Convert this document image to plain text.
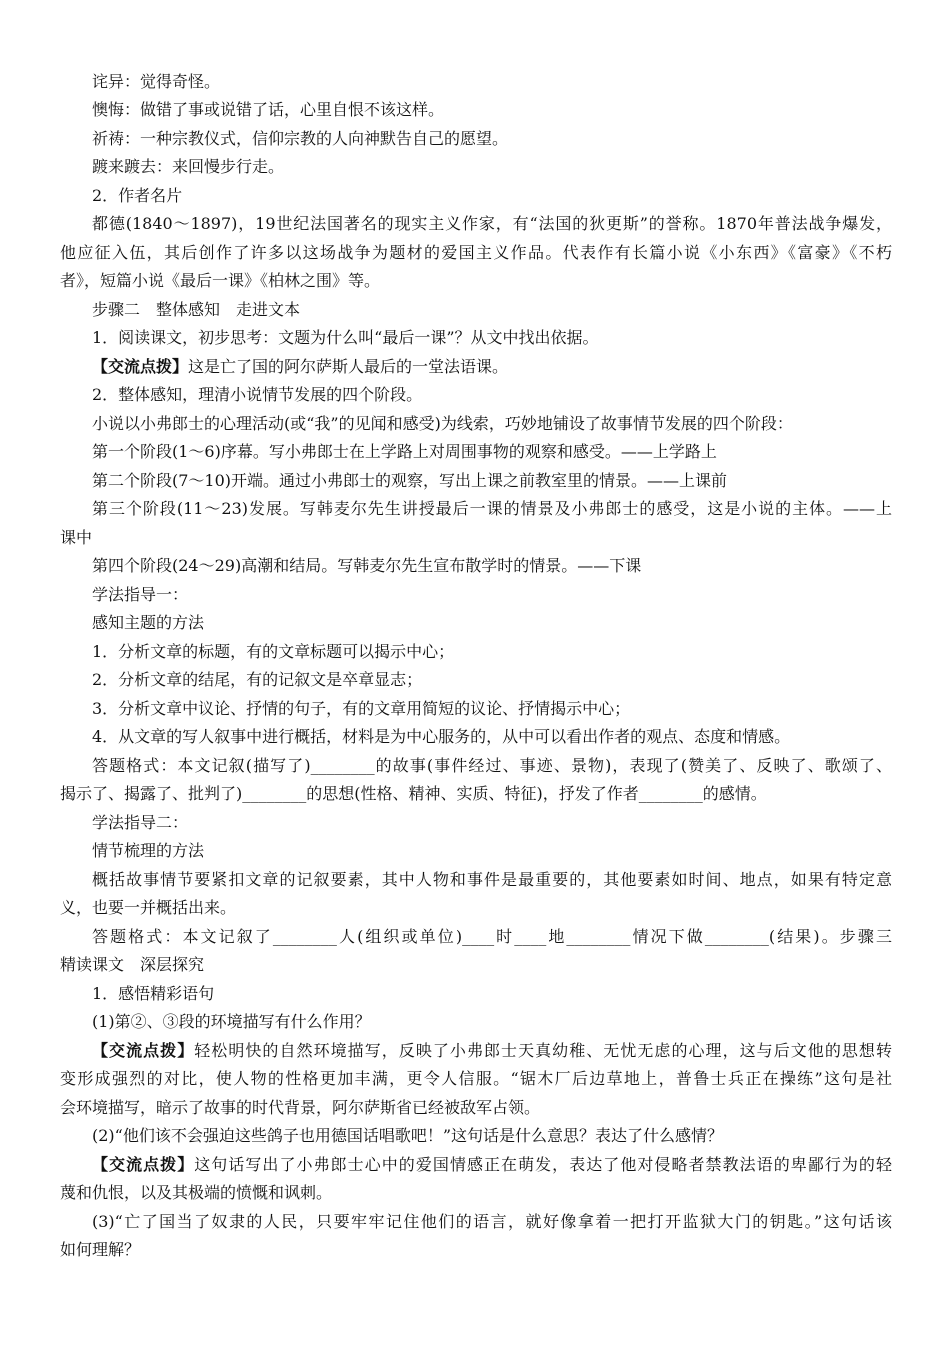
诧异：觉得奇怪。
懊悔：做错了事或说错了话，心里自恨不该这样。
祈祷：一种宗教仪式，信仰宗教的人向神默告自己的愿望。
踱来踱去：来回慢步行走。
2．作者名片
都德(1840～1897)，19世纪法国著名的现实主义作家，有“法国的狄更斯”的誉称。1870年普法战争爆发，
他应征入伍，其后创作了许多以这场战争为题材的爱国主义作品。代表作有长篇小说《小东西》《富豪》《不朽
者》，短篇小说《最后一课》《柏林之围》等。
步骤二　整体感知　走进文本
1．阅读课文，初步思考：文题为什么叫“最后一课”？从文中找出依据。
【交流点拨】这是亡了国的阿尔萨斯人最后的一堂法语课。
2．整体感知，理清小说情节发展的四个阶段。
小说以小弗郎士的心理活动(或“我”的见闻和感受)为线索，巧妙地铺设了故事情节发展的四个阶段：
第一个阶段(1～6)序幕。写小弗郎士在上学路上对周围事物的观察和感受。——上学路上
第二个阶段(7～10)开端。通过小弗郎士的观察，写出上课之前教室里的情景。——上课前
第三个阶段(11～23)发展。写韩麦尔先生讲授最后一课的情景及小弗郎士的感受，这是小说的主体。——上
课中
第四个阶段(24～29)高潮和结局。写韩麦尔先生宣布散学时的情景。——下课
学法指导一：
感知主题的方法
1．分析文章的标题，有的文章标题可以揭示中心；
2．分析文章的结尾，有的记叙文是卒章显志；
3．分析文章中议论、抒情的句子，有的文章用简短的议论、抒情揭示中心；
4．从文章的写人叙事中进行概括，材料是为中心服务的，从中可以看出作者的观点、态度和情感。
答题格式：本文记叙(描写了)________的故事(事件经过、事迹、景物)，表现了(赞美了、反映了、歌颂了、
揭示了、揭露了、批判了)________的思想(性格、精神、实质、特征)，抒发了作者________的感情。
学法指导二：
情节梳理的方法
概括故事情节要紧扣文章的记叙要素，其中人物和事件是最重要的，其他要素如时间、地点，如果有特定意
义，也要一并概括出来。
答题格式：本文记叙了________人(组织或单位)____时____地________情况下做________(结果)。步骤三
精读课文　深层探究
1．感悟精彩语句
(1)第②、③段的环境描写有什么作用？
【交流点拨】轻松明快的自然环境描写，反映了小弗郎士天真幼稚、无忧无虑的心理，这与后文他的思想转
变形成强烈的对比，使人物的性格更加丰满，更令人信服。“锯木厂后边草地上，普鲁士兵正在操练”这句是社
会环境描写，暗示了故事的时代背景，阿尔萨斯省已经被敌军占领。
(2)“他们该不会强迫这些鸽子也用德国话唱歌吧！”这句话是什么意思？表达了什么感情？
【交流点拨】这句话写出了小弗郎士心中的爱国情感正在萌发，表达了他对侵略者禁教法语的卑鄙行为的轻
蔑和仇恨，以及其极端的愤慨和讽刺。
(3)“亡了国当了奴隶的人民，只要牢牢记住他们的语言，就好像拿着一把打开监狱大门的钥匙。”这句话该
如何理解？
